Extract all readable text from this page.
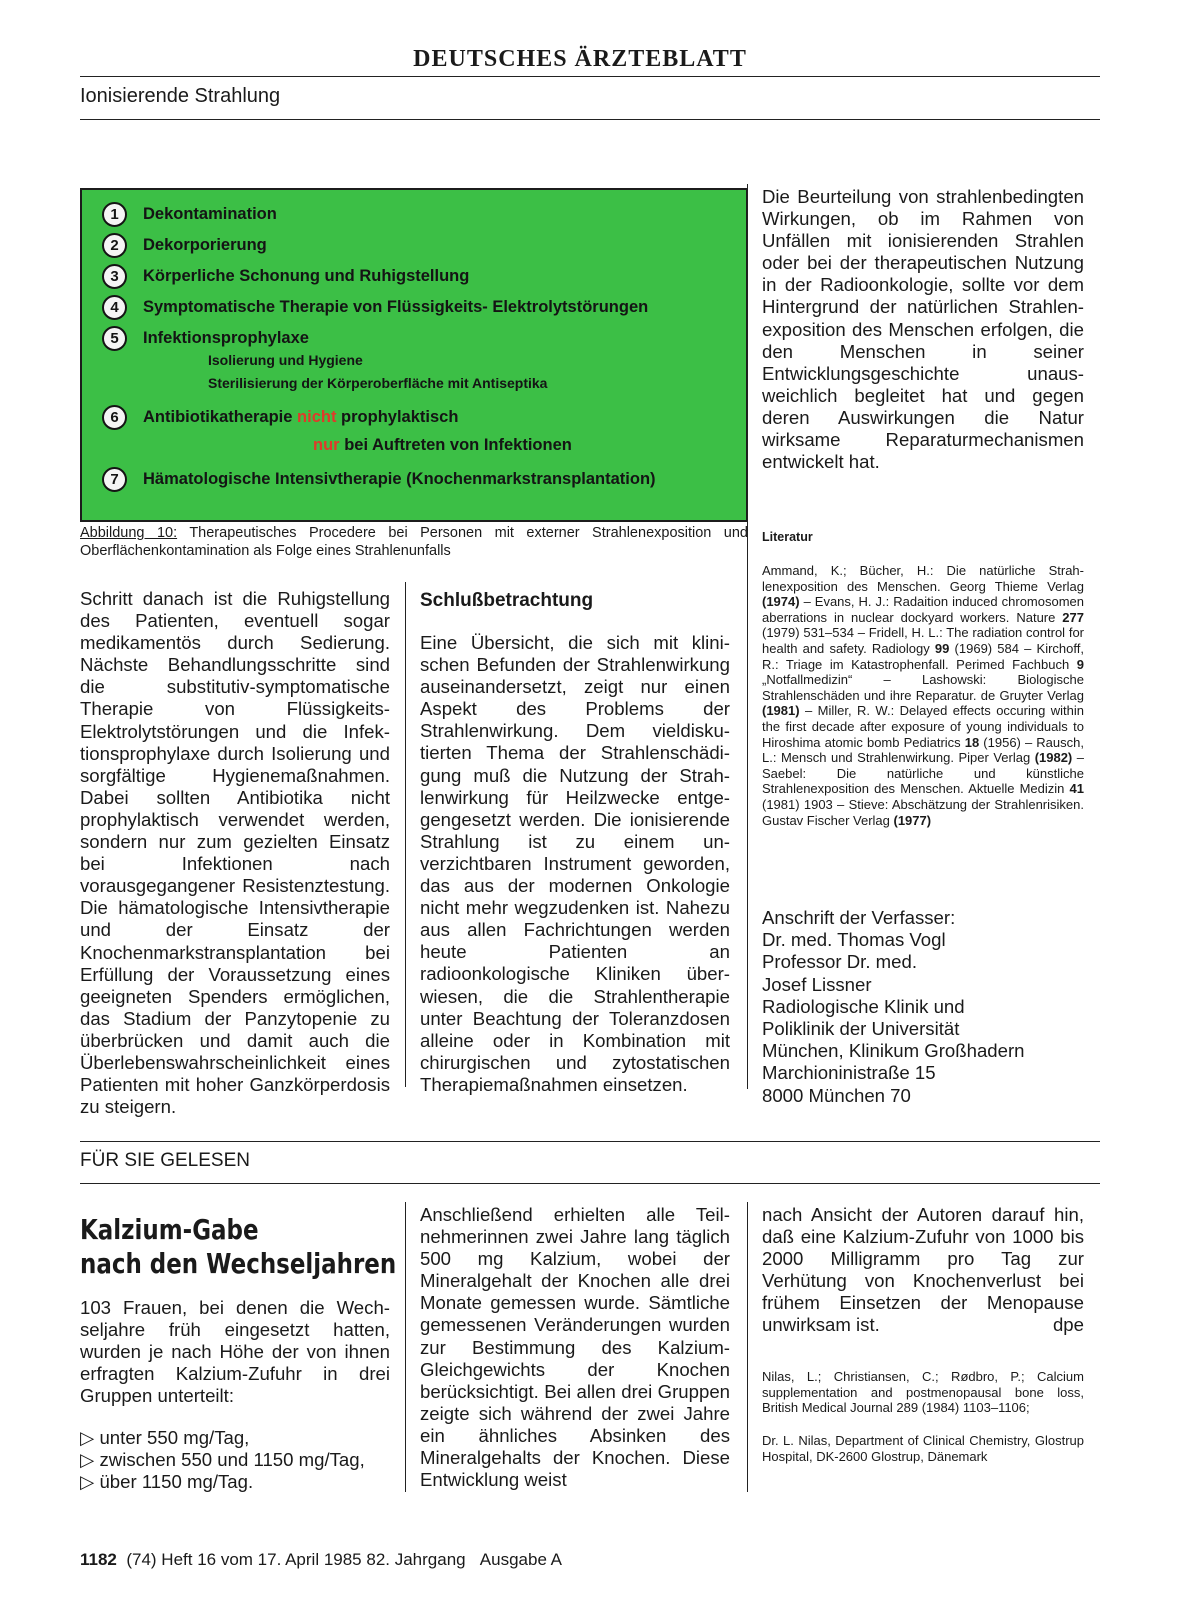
DEUTSCHES ÄRZTEBLATT
Ionisierende Strahlung
1	Dekontamination
2	Dekorporierung
3	Körperliche Schonung und Ruhigstellung
4	Symptomatische Therapie von Flüssigkeits- Elektrolytstörungen
5	Infektionsprophylaxe
Isolierung und Hygiene
Sterilisierung der Körperoberfläche mit Antiseptika
6	Antibiotikatherapie
nicht
prophylaktisch
nur
bei Auftreten von Infektionen
7	Hämatologische Intensivtherapie (Knochenmarkstransplantation)
Abbildung 10: Therapeutisches Procedere bei Personen mit externer Strahlenexposition und Oberflächenkontamination als Folge eines Strahlenunfalls
Schritt danach ist die Ruhigstellung des Patienten, eventuell sogar medikamentös durch Sedierung. Nächste Behandlungsschritte sind die substitutiv-symptomatische Therapie von Flüssigkeits-Elektrolytstörungen und die Infektionsprophylaxe durch Isolierung und sorgfältige Hygienemaßnahmen. Dabei sollten Antibiotika nicht prophylaktisch verwendet werden, sondern nur zum gezielten Einsatz bei Infektionen nach vorausgegangener Resistenztestung. Die hämatologische Intensivtherapie und der Einsatz der Knochenmarkstransplantation bei Erfüllung der Voraussetzung eines geeigneten Spenders ermöglichen, das Stadium der Panzytopenie zu überbrücken und damit auch die Überlebenswahrscheinlichkeit eines Patienten mit hoher Ganzkörperdosis zu steigern.
Schlußbetrachtung
Eine Übersicht, die sich mit klinischen Befunden der Strahlenwirkung auseinandersetzt, zeigt nur einen Aspekt des Problems der Strahlenwirkung. Dem vieldiskutierten Thema der Strahlenschädigung muß die Nutzung der Strahlenwirkung für Heilzwecke entgegengesetzt werden. Die ionisierende Strahlung ist zu einem unverzichtbaren Instrument geworden, das aus der modernen Onkologie nicht mehr wegzudenken ist. Nahezu aus allen Fachrichtungen werden heute Patienten an radioonkologische Kliniken überwiesen, die die Strahlentherapie unter Beachtung der Toleranzdosen alleine oder in Kombination mit chirurgischen und zytostatischen Therapiemaßnahmen einsetzen.
Die Beurteilung von strahlenbedingten Wirkungen, ob im Rahmen von Unfällen mit ionisierenden Strahlen oder bei der therapeutischen Nutzung in der Radioonkologie, sollte vor dem Hintergrund der natürlichen Strahlenexposition des Menschen erfolgen, die den Menschen in seiner Entwicklungsgeschichte unausweichlich begleitet hat und gegen deren Auswirkungen die Natur wirksame Reparaturmechanismen entwickelt hat.
Literatur
Ammand, K.; Bücher, H.: Die natürliche Strahlenexposition des Menschen. Georg Thieme Verlag (1974) – Evans, H. J.: Radaition induced chromosomen aberrations in nuclear dockyard workers. Nature 277 (1979) 531–534 – Fridell, H. L.: The radiation control for health and safety. Radiology 99 (1969) 584 – Kirchoff, R.: Triage im Katastrophenfall. Perimed Fachbuch 9 „Notfallmedizin“ – Lashowski: Biologische Strahlenschäden und ihre Reparatur. de Gruyter Verlag (1981) – Miller, R. W.: Delayed effects occuring within the first decade after exposure of young individuals to Hiroshima atomic bomb Pediatrics 18 (1956) – Rausch, L.: Mensch und Strahlenwirkung. Piper Verlag (1982) – Saebel: Die natürliche und künstliche Strahlenexposition des Menschen. Aktuelle Medizin 41 (1981) 1903 – Stieve: Abschätzung der Strahlenrisiken. Gustav Fischer Verlag (1977)
Anschrift der Verfasser:
Dr. med. Thomas Vogl
Professor Dr. med.
Josef Lissner
Radiologische Klinik und
Poliklinik der Universität
München, Klinikum Großhadern
Marchioninistraße 15
8000 München 70
FÜR SIE GELESEN
Kalzium-Gabe
nach den Wechseljahren
103 Frauen, bei denen die Wechseljahre früh eingesetzt hatten, wurden je nach Höhe der von ihnen erfragten Kalzium-Zufuhr in drei Gruppen unterteilt:
▷ unter 550 mg/Tag,
▷ zwischen 550 und 1150 mg/Tag,
▷ über 1150 mg/Tag.
Anschließend erhielten alle Teilnehmerinnen zwei Jahre lang täglich 500 mg Kalzium, wobei der Mineralgehalt der Knochen alle drei Monate gemessen wurde. Sämtliche gemessenen Veränderungen wurden zur Bestimmung des Kalzium-Gleichgewichts der Knochen berücksichtigt. Bei allen drei Gruppen zeigte sich während der zwei Jahre ein ähnliches Absinken des Mineralgehalts der Knochen. Diese Entwicklung weist
nach Ansicht der Autoren darauf hin, daß eine Kalzium-Zufuhr von 1000 bis 2000 Milligramm pro Tag zur Verhütung von Knochenverlust bei frühem Einsetzen der Menopause unwirksam ist.	dpe
Nilas, L.; Christiansen, C.; Rødbro, P.; Calcium supplementation and postmenopausal bone loss, British Medical Journal 289 (1984) 1103–1106;
Dr. L. Nilas, Department of Clinical Chemistry, Glostrup Hospital, DK-2600 Glostrup, Dänemark
1182 (74) Heft 16 vom 17. April 1985 82. Jahrgang Ausgabe A
